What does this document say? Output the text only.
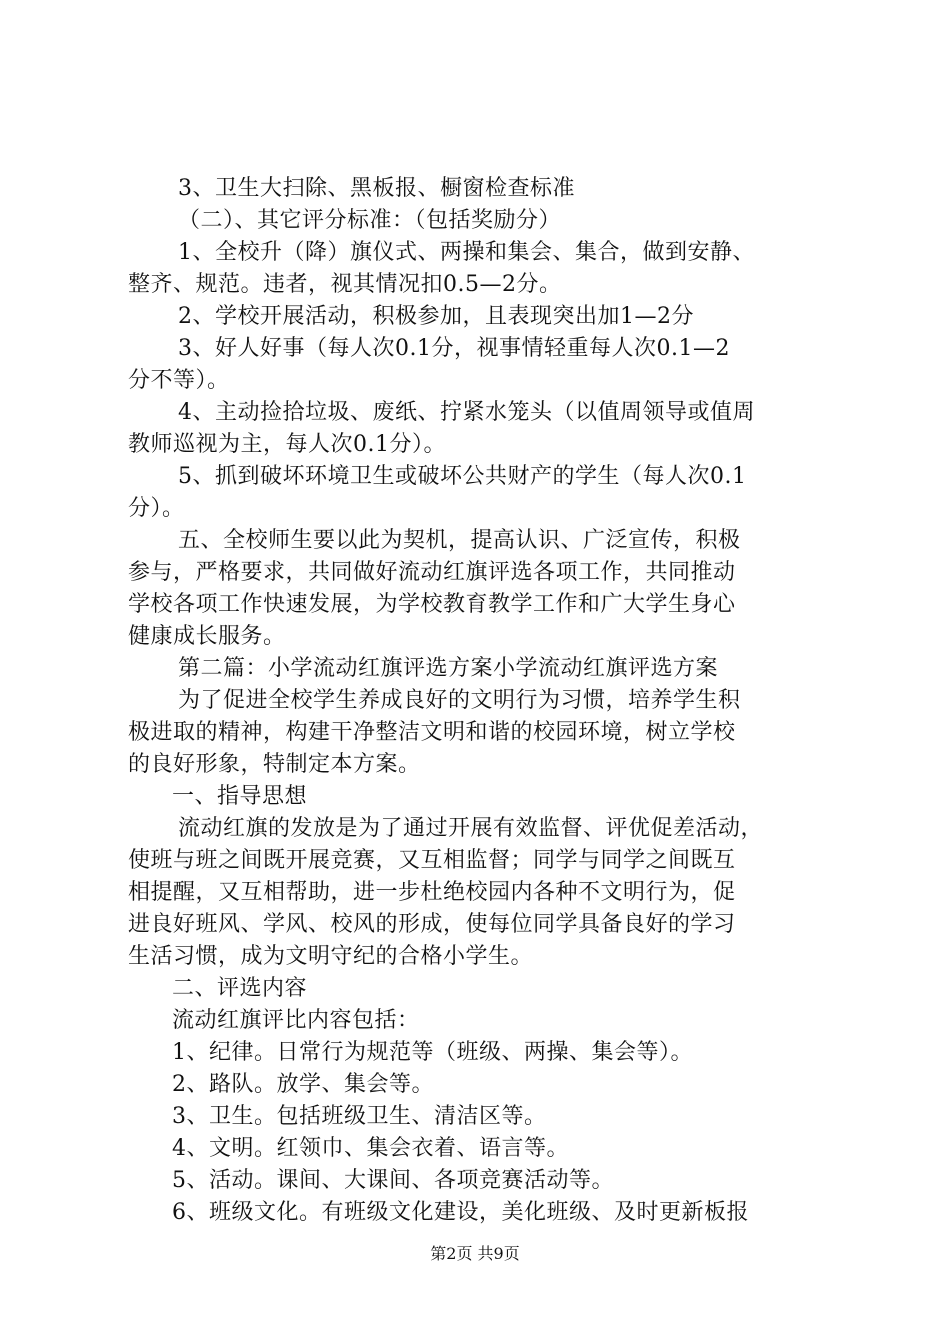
3、卫生大扫除、黑板报、橱窗检查标准
（二）、其它评分标准：（包括奖励分）
1、全校升（降）旗仪式、两操和集会、集合，做到安静、
整齐、规范。违者，视其情况扣0.5—2分。
2、学校开展活动，积极参加，且表现突出加1—2分
3、好人好事（每人次0.1分，视事情轻重每人次0.1—2
分不等）。
4、主动捡拾垃圾、废纸、拧紧水笼头（以值周领导或值周
教师巡视为主，每人次0.1分）。
5、抓到破坏环境卫生或破坏公共财产的学生（每人次0.1
分）。
五、全校师生要以此为契机，提高认识、广泛宣传，积极
参与，严格要求，共同做好流动红旗评选各项工作，共同推动
学校各项工作快速发展，为学校教育教学工作和广大学生身心
健康成长服务。
第二篇：小学流动红旗评选方案小学流动红旗评选方案
为了促进全校学生养成良好的文明行为习惯，培养学生积
极进取的精神，构建干净整洁文明和谐的校园环境，树立学校
的良好形象，特制定本方案。
一、指导思想
流动红旗的发放是为了通过开展有效监督、评优促差活动，
使班与班之间既开展竞赛，又互相监督；同学与同学之间既互
相提醒，又互相帮助，进一步杜绝校园内各种不文明行为，促
进良好班风、学风、校风的形成，使每位同学具备良好的学习
生活习惯，成为文明守纪的合格小学生。
二、评选内容
流动红旗评比内容包括：
1、纪律。日常行为规范等（班级、两操、集会等）。
2、路队。放学、集会等。
3、卫生。包括班级卫生、清洁区等。
4、文明。红领巾、集会衣着、语言等。
5、活动。课间、大课间、各项竞赛活动等。
6、班级文化。有班级文化建设，美化班级、及时更新板报
第2页 共9页
